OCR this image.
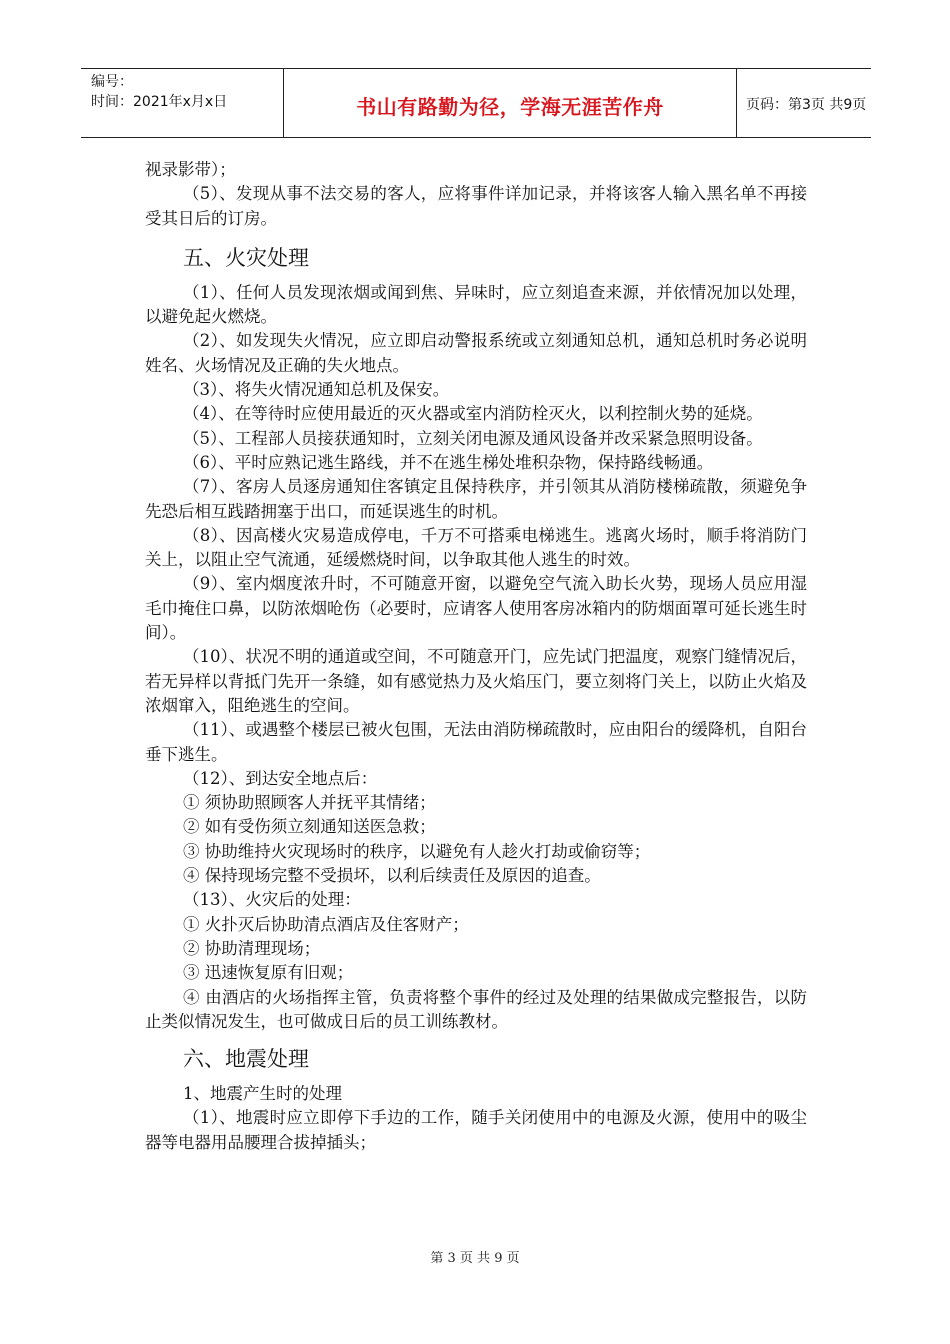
编号：
时间：2021年x月x日	书山有路勤为径，学海无涯苦作舟	页码：第3页 共9页

视录影带）；

（5）、发现从事不法交易的客人，应将事件详加记录，并将该客人输入黑名单不再接受其日后的订房。

五、火灾处理

（1）、任何人员发现浓烟或闻到焦、异味时，应立刻追查来源，并依情况加以处理，以避免起火燃烧。

（2）、如发现失火情况，应立即启动警报系统或立刻通知总机，通知总机时务必说明姓名、火场情况及正确的失火地点。

（3）、将失火情况通知总机及保安。

（4）、在等待时应使用最近的灭火器或室内消防栓灭火，以利控制火势的延烧。

（5）、工程部人员接获通知时，立刻关闭电源及通风设备并改采紧急照明设备。

（6）、平时应熟记逃生路线，并不在逃生梯处堆积杂物，保持路线畅通。

（7）、客房人员逐房通知住客镇定且保持秩序，并引领其从消防楼梯疏散，须避免争先恐后相互践踏拥塞于出口，而延误逃生的时机。

（8）、因高楼火灾易造成停电，千万不可搭乘电梯逃生。逃离火场时，顺手将消防门关上，以阻止空气流通，延缓燃烧时间，以争取其他人逃生的时效。

（9）、室内烟度浓升时，不可随意开窗，以避免空气流入助长火势，现场人员应用湿毛巾掩住口鼻，以防浓烟呛伤（必要时，应请客人使用客房冰箱内的防烟面罩可延长逃生时间）。

（10）、状况不明的通道或空间，不可随意开门，应先试门把温度，观察门缝情况后，若无异样以背抵门先开一条缝，如有感觉热力及火焰压门，要立刻将门关上，以防止火焰及浓烟窜入，阻绝逃生的空间。

（11）、或遇整个楼层已被火包围，无法由消防梯疏散时，应由阳台的缓降机，自阳台垂下逃生。

（12）、到达安全地点后：

① 须协助照顾客人并抚平其情绪；

② 如有受伤须立刻通知送医急救；

③ 协助维持火灾现场时的秩序，以避免有人趁火打劫或偷窃等；

④ 保持现场完整不受损坏，以利后续责任及原因的追查。

（13）、火灾后的处理：

① 火扑灭后协助清点酒店及住客财产；

② 协助清理现场；

③ 迅速恢复原有旧观；

④ 由酒店的火场指挥主管，负责将整个事件的经过及处理的结果做成完整报告，以防止类似情况发生，也可做成日后的员工训练教材。

六、地震处理

1、地震产生时的处理

（1）、地震时应立即停下手边的工作，随手关闭使用中的电源及火源，使用中的吸尘器等电器用品腰理合拔掉插头；

第 3 页 共 9 页
